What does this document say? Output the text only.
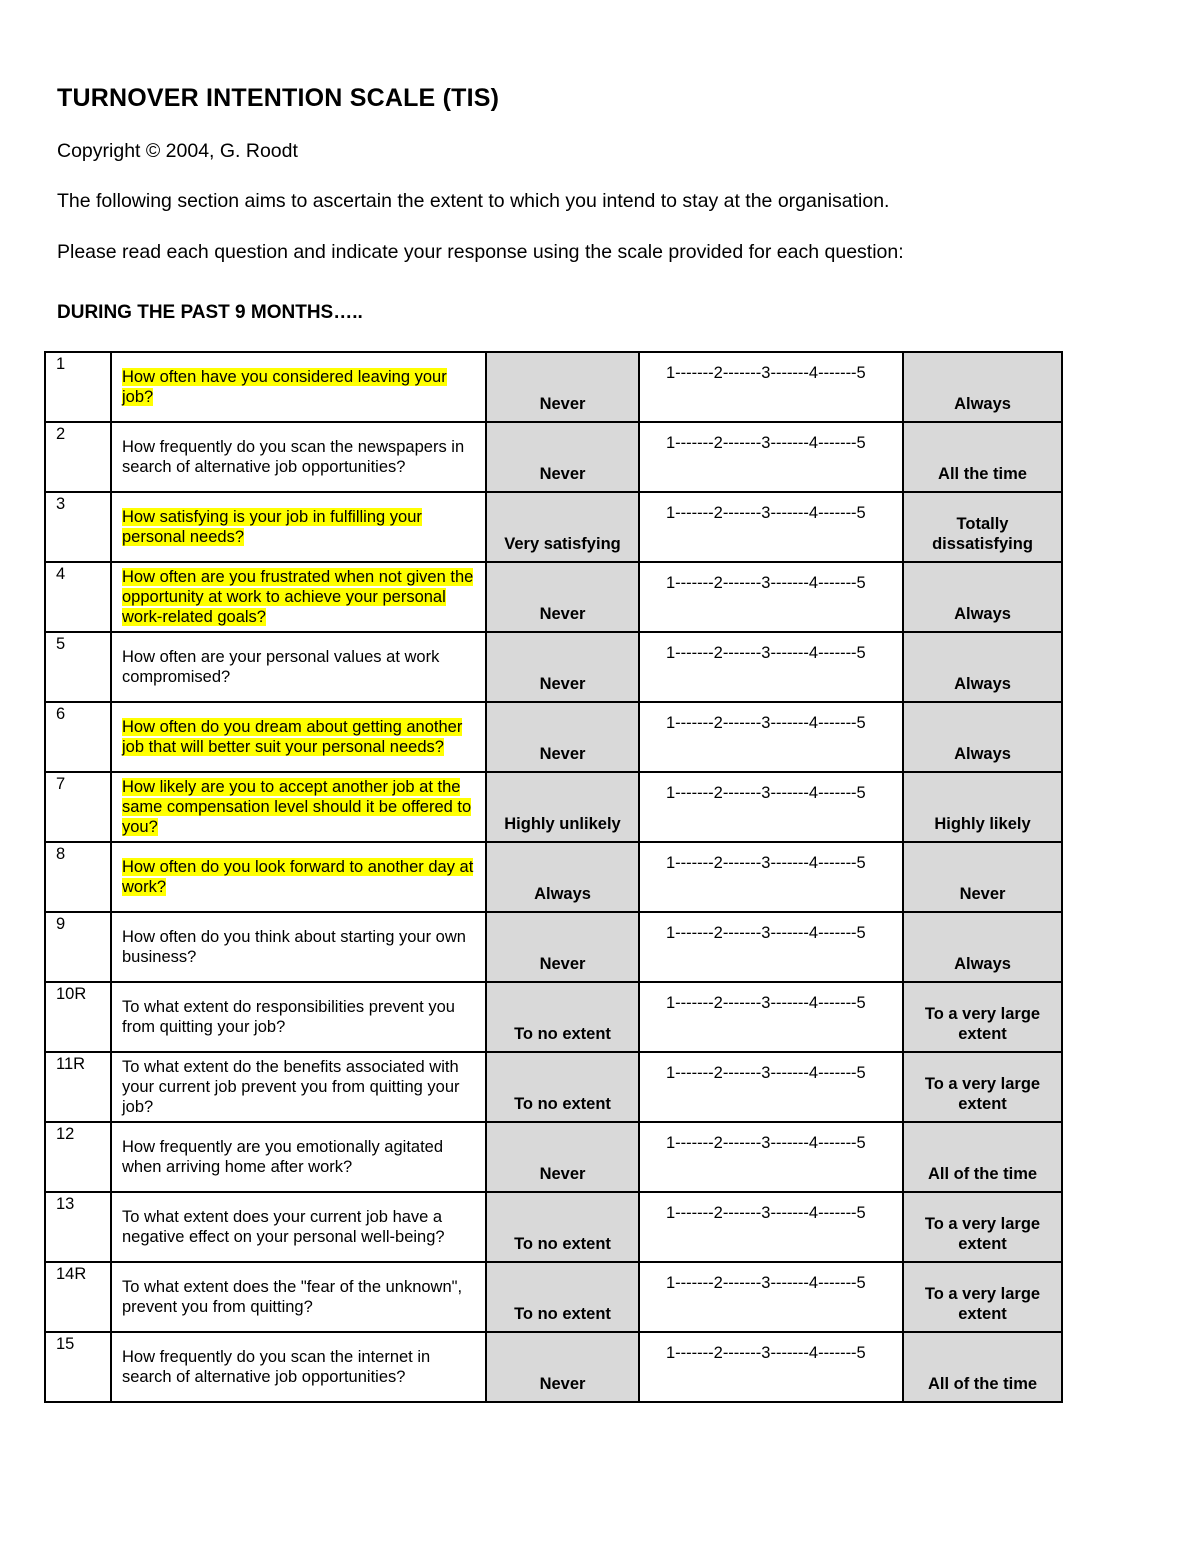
TURNOVER INTENTION SCALE (TIS)

Copyright © 2004, G. Roodt

The following section aims to ascertain the extent to which you intend to stay at the organisation.

Please read each question and indicate your response using the scale provided for each question:

DURING THE PAST 9 MONTHS…..

1	How often have you considered leaving your job?	Never	1-------2-------3-------4-------5	Always
2	How frequently do you scan the newspapers in search of alternative job opportunities?	Never	1-------2-------3-------4-------5	All the time
3	How satisfying is your job in fulfilling your personal needs?	Very satisfying	1-------2-------3-------4-------5	Totally dissatisfying
4	How often are you frustrated when not given the opportunity at work to achieve your personal work-related goals?	Never	1-------2-------3-------4-------5	Always
5	How often are your personal values at work compromised?	Never	1-------2-------3-------4-------5	Always
6	How often do you dream about getting another job that will better suit your personal needs?	Never	1-------2-------3-------4-------5	Always
7	How likely are you to accept another job at the same compensation level should it be offered to you?	Highly unlikely	1-------2-------3-------4-------5	Highly likely
8	How often do you look forward to another day at work?	Always	1-------2-------3-------4-------5	Never
9	How often do you think about starting your own business?	Never	1-------2-------3-------4-------5	Always
10R	To what extent do responsibilities prevent you from quitting your job?	To no extent	1-------2-------3-------4-------5	To a very large extent
11R	To what extent do the benefits associated with your current job prevent you from quitting your job?	To no extent	1-------2-------3-------4-------5	To a very large extent
12	How frequently are you emotionally agitated when arriving home after work?	Never	1-------2-------3-------4-------5	All of the time
13	To what extent does your current job have a negative effect on your personal well-being?	To no extent	1-------2-------3-------4-------5	To a very large extent
14R	To what extent does the "fear of the unknown", prevent you from quitting?	To no extent	1-------2-------3-------4-------5	To a very large extent
15	How frequently do you scan the internet in search of alternative job opportunities?	Never	1-------2-------3-------4-------5	All of the time
